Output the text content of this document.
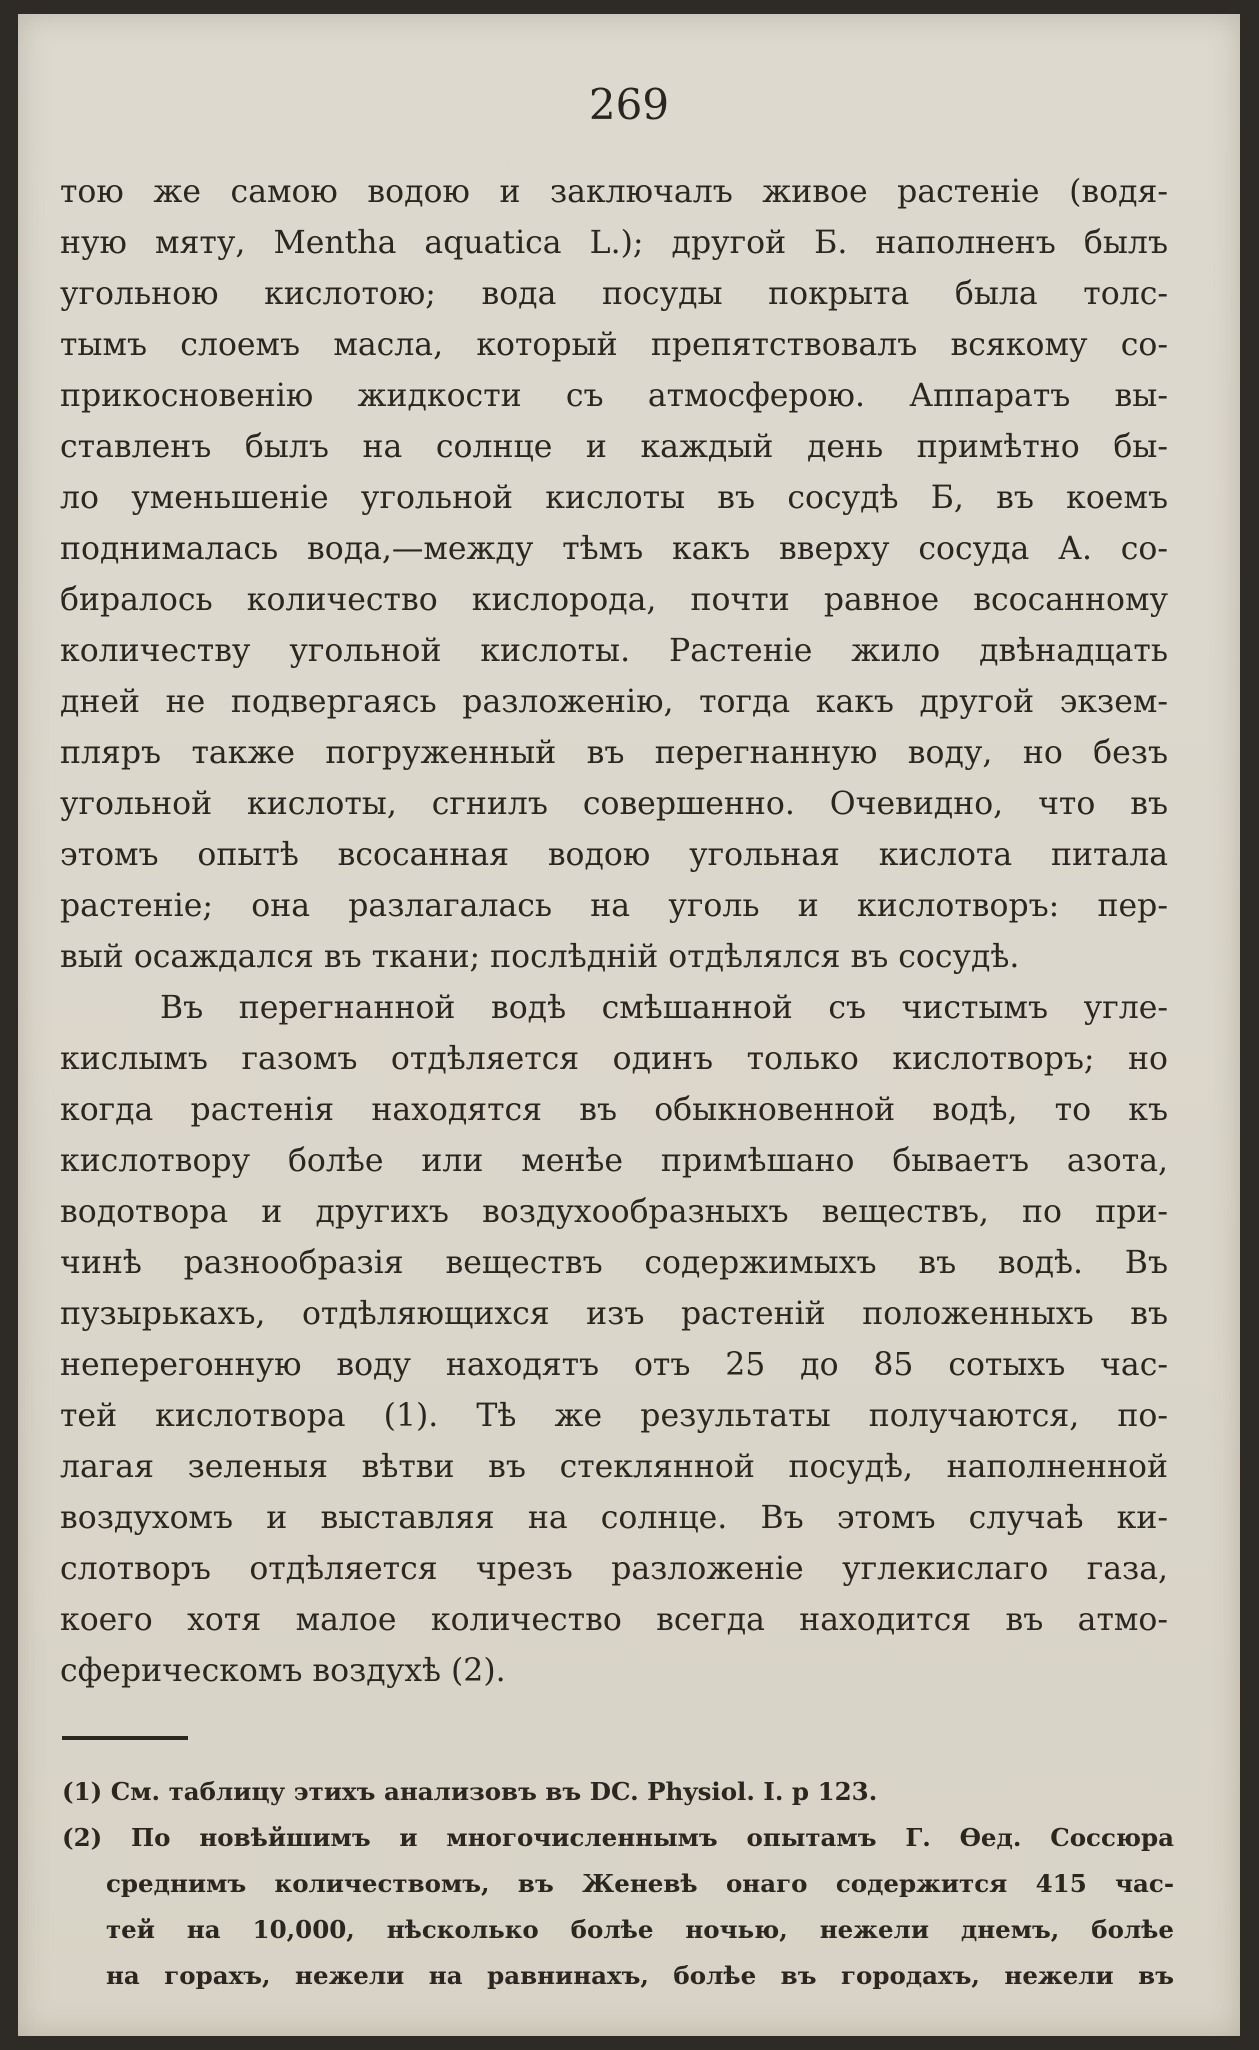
269
тою же самою водою и заключалъ живое растеніе (водя-
ную мяту, Mentha aquatica L.); другой Б. наполненъ былъ
угольною кислотою; вода посуды покрыта была толс-
тымъ слоемъ масла, который препятствовалъ всякому со-
прикосновенію жидкости съ атмосферою. Аппаратъ вы-
ставленъ былъ на солнце и каждый день примѣтно бы-
ло уменьшеніе угольной кислоты въ сосудѣ Б, въ коемъ
поднималась вода,—между тѣмъ какъ вверху сосуда А. со-
биралось количество кислорода, почти равное всосанному
количеству угольной кислоты. Растеніе жило двѣнадцать
дней не подвергаясь разложенію, тогда какъ другой экзем-
пляръ также погруженный въ перегнанную воду, но безъ
угольной кислоты, сгнилъ совершенно. Очевидно, что въ
этомъ опытѣ всосанная водою угольная кислота питала
растеніе; она разлагалась на уголь и кислотворъ: пер-
вый осаждался въ ткани; послѣдній отдѣлялся въ сосудѣ.
Въ перегнанной водѣ смѣшанной съ чистымъ угле-
кислымъ газомъ отдѣляется одинъ только кислотворъ; но
когда растенія находятся въ обыкновенной водѣ, то къ
кислотвору болѣе или менѣе примѣшано бываетъ азота,
водотвора и другихъ воздухообразныхъ веществъ, по при-
чинѣ разнообразія веществъ содержимыхъ въ водѣ. Въ
пузырькахъ, отдѣляющихся изъ растеній положенныхъ въ
неперегонную воду находятъ отъ 25 до 85 сотыхъ час-
тей кислотвора (1). Тѣ же результаты получаются, по-
лагая зеленыя вѣтви въ стеклянной посудѣ, наполненной
воздухомъ и выставляя на солнце. Въ этомъ случаѣ ки-
слотворъ отдѣляется чрезъ разложеніе углекислаго газа,
коего хотя малое количество всегда находится въ атмо-
сферическомъ воздухѣ (2).
(1) См. таблицу этихъ анализовъ въ DC. Physiol. I. p 123.
(2) По новѣйшимъ и многочисленнымъ опытамъ Г. Ѳед. Соссюра
среднимъ количествомъ, въ Женевѣ онаго содержится 415 час-
тей на 10,000, нѣсколько болѣе ночью, нежели днемъ, болѣе
на горахъ, нежели на равнинахъ, болѣе въ городахъ, нежели въ
